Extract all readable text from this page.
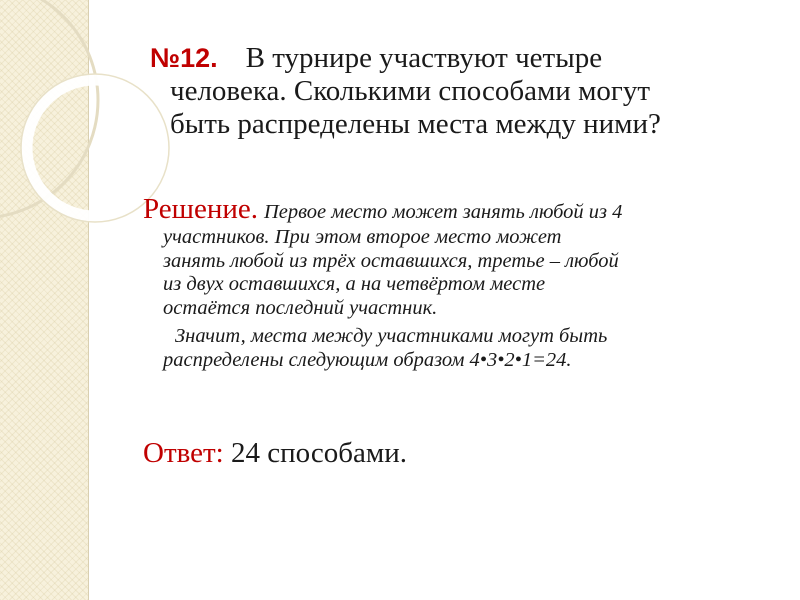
№12. В турнире участвуют четыре
человека. Сколькими способами могут
быть распределены места между ними?
Решение. Первое место может занять любой из 4
участников. При этом второе место может
занять любой из трёх оставшихся, третье – любой
из двух оставшихся, а на четвёртом месте
остаётся последний участник.
Значит, места между участниками могут быть
распределены следующим образом 4•3•2•1=24.
Ответ: 24 способами.
